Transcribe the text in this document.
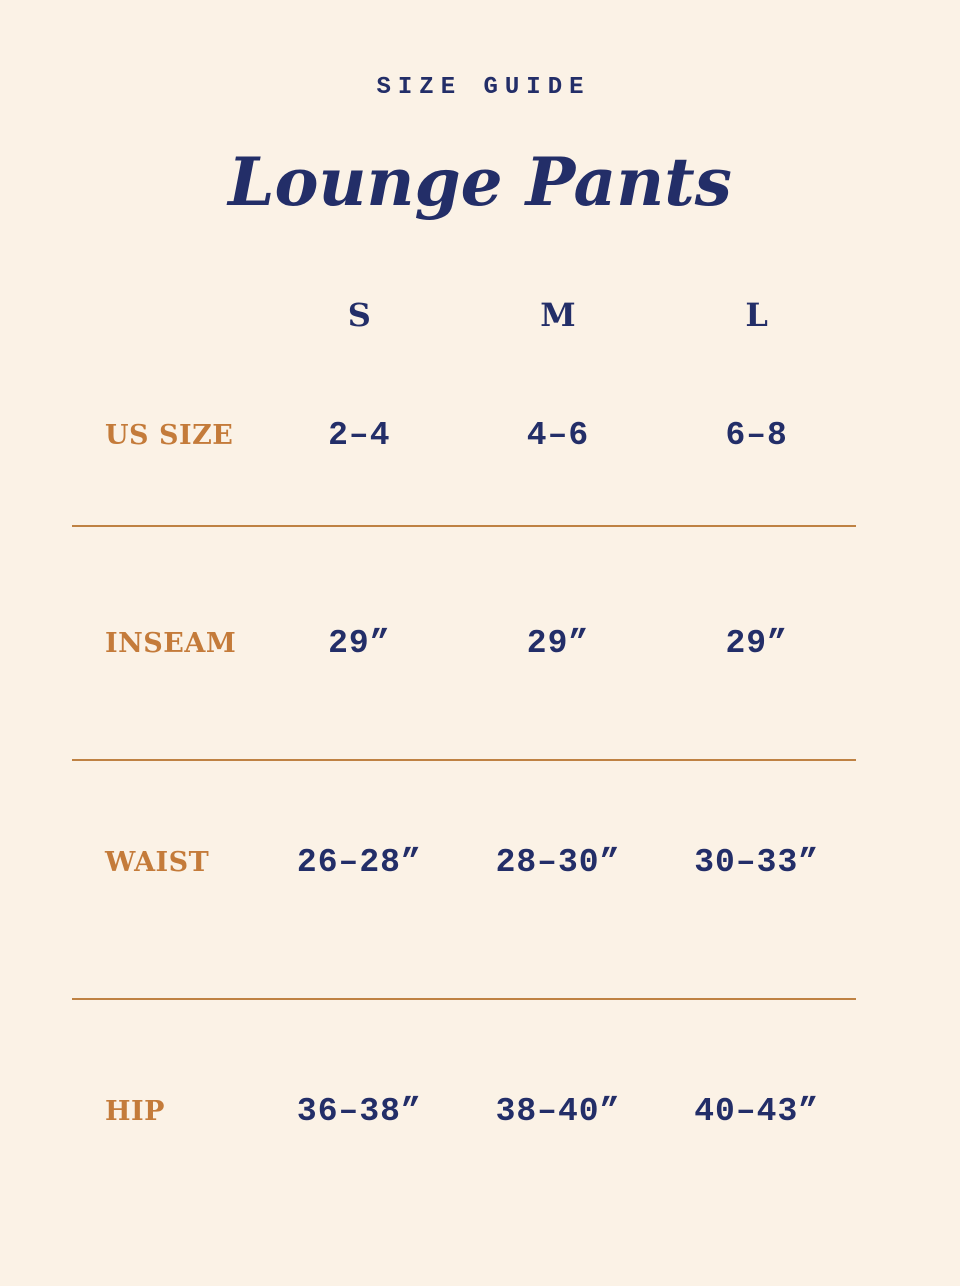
SIZE GUIDE
Lounge Pants
S	M	L
US SIZE	2–4	4–6	6–8
INSEAM	29”	29”	29”
WAIST	26–28”	28–30”	30–33”
HIP	36–38”	38–40”	40–43”
